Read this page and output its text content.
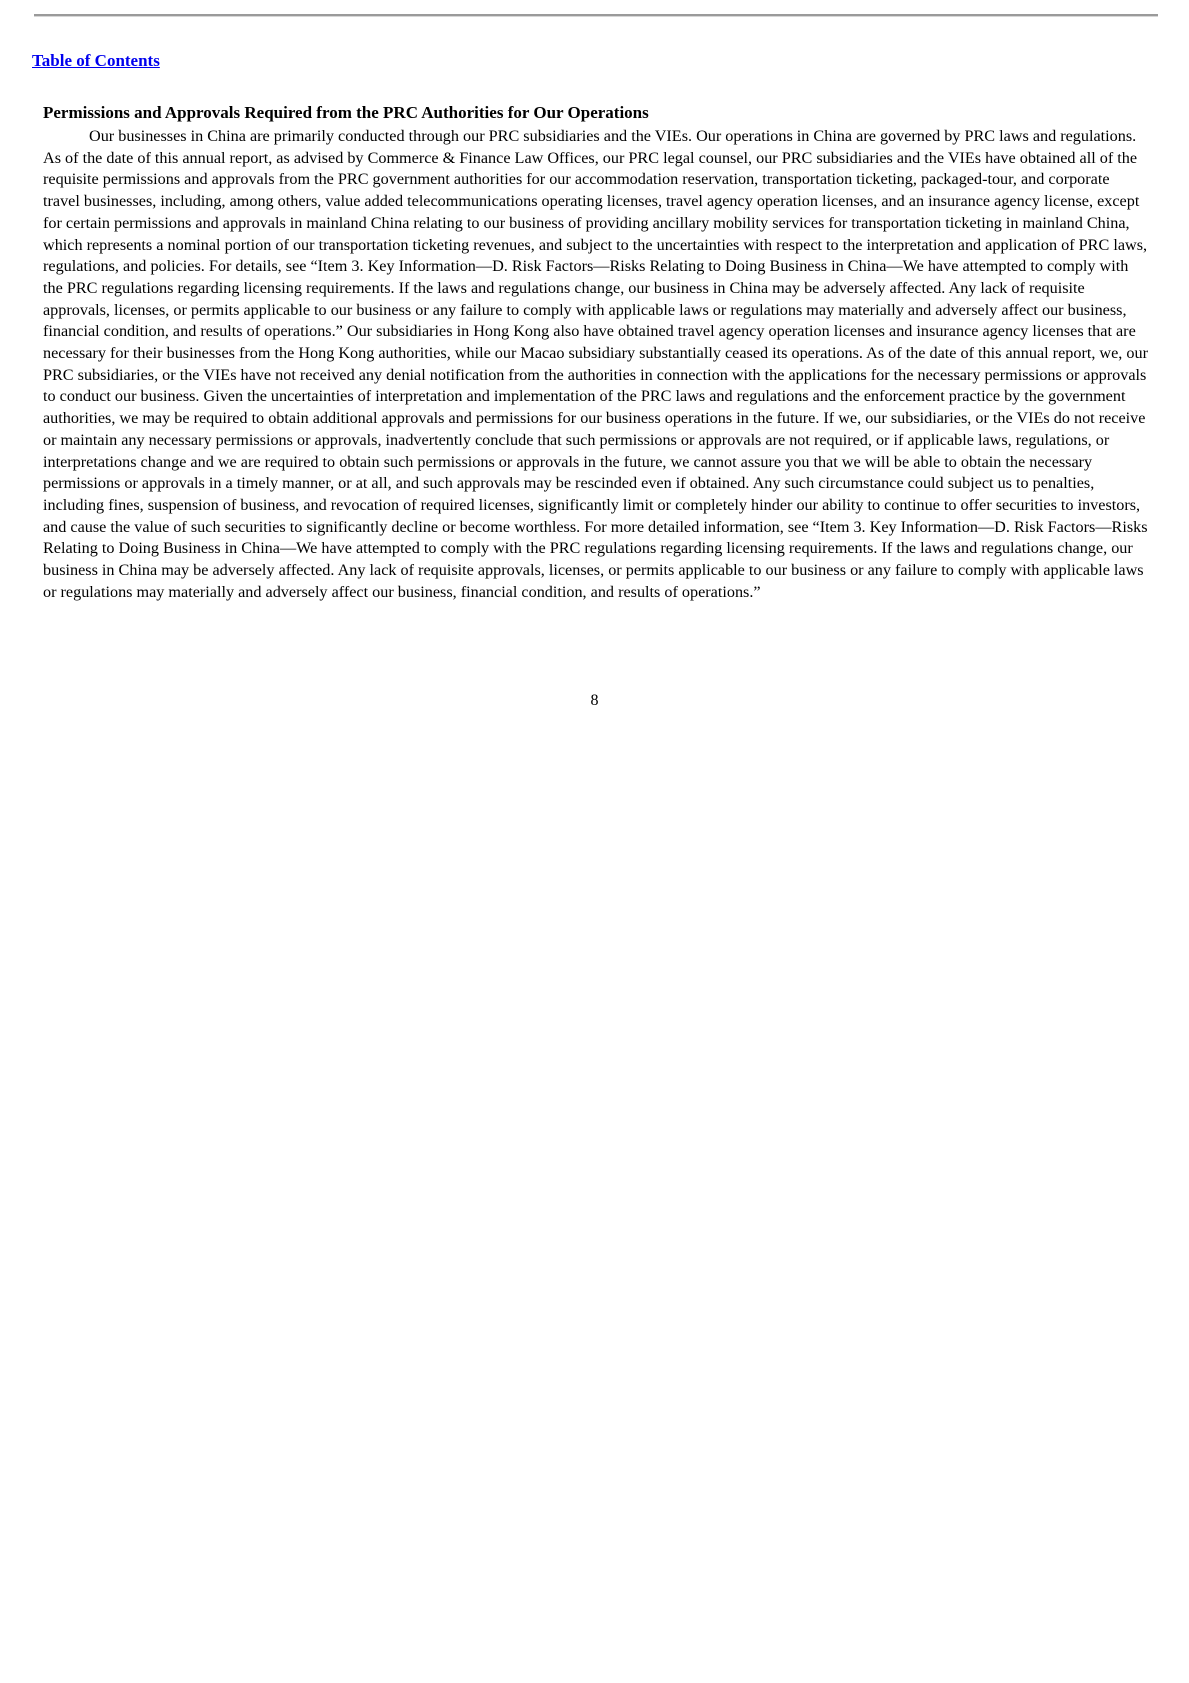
Table of Contents
Permissions and Approvals Required from the PRC Authorities for Our Operations

Our businesses in China are primarily conducted through our PRC subsidiaries and the VIEs. Our operations in China are governed by PRC laws and regulations. As of the date of this annual report, as advised by Commerce & Finance Law Offices, our PRC legal counsel, our PRC subsidiaries and the VIEs have obtained all of the requisite permissions and approvals from the PRC government authorities for our accommodation reservation, transportation ticketing, packaged-tour, and corporate travel businesses, including, among others, value added telecommunications operating licenses, travel agency operation licenses, and an insurance agency license, except for certain permissions and approvals in mainland China relating to our business of providing ancillary mobility services for transportation ticketing in mainland China, which represents a nominal portion of our transportation ticketing revenues, and subject to the uncertainties with respect to the interpretation and application of PRC laws, regulations, and policies. For details, see “Item 3. Key Information—D. Risk Factors—Risks Relating to Doing Business in China—We have attempted to comply with the PRC regulations regarding licensing requirements. If the laws and regulations change, our business in China may be adversely affected. Any lack of requisite approvals, licenses, or permits applicable to our business or any failure to comply with applicable laws or regulations may materially and adversely affect our business, financial condition, and results of operations.” Our subsidiaries in Hong Kong also have obtained travel agency operation licenses and insurance agency licenses that are necessary for their businesses from the Hong Kong authorities, while our Macao subsidiary substantially ceased its operations. As of the date of this annual report, we, our PRC subsidiaries, or the VIEs have not received any denial notification from the authorities in connection with the applications for the necessary permissions or approvals to conduct our business. Given the uncertainties of interpretation and implementation of the PRC laws and regulations and the enforcement practice by the government authorities, we may be required to obtain additional approvals and permissions for our business operations in the future. If we, our subsidiaries, or the VIEs do not receive or maintain any necessary permissions or approvals, inadvertently conclude that such permissions or approvals are not required, or if applicable laws, regulations, or interpretations change and we are required to obtain such permissions or approvals in the future, we cannot assure you that we will be able to obtain the necessary permissions or approvals in a timely manner, or at all, and such approvals may be rescinded even if obtained. Any such circumstance could subject us to penalties, including fines, suspension of business, and revocation of required licenses, significantly limit or completely hinder our ability to continue to offer securities to investors, and cause the value of such securities to significantly decline or become worthless. For more detailed information, see “Item 3. Key Information—D. Risk Factors—Risks Relating to Doing Business in China—We have attempted to comply with the PRC regulations regarding licensing requirements. If the laws and regulations change, our business in China may be adversely affected. Any lack of requisite approvals, licenses, or permits applicable to our business or any failure to comply with applicable laws or regulations may materially and adversely affect our business, financial condition, and results of operations.”

8
